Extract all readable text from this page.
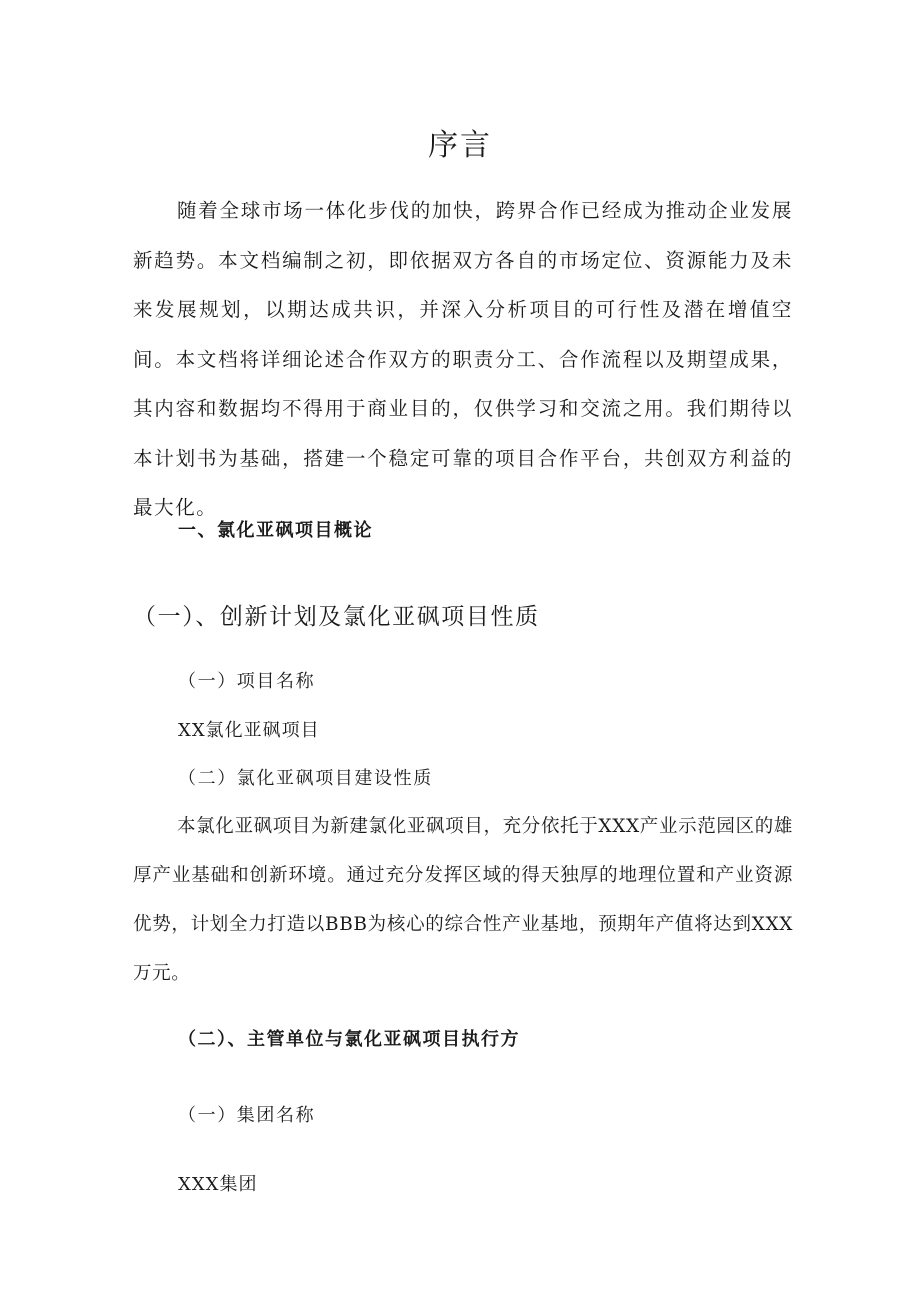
序言

随着全球市场一体化步伐的加快，跨界合作已经成为推动企业发展新趋势。本文档编制之初，即依据双方各自的市场定位、资源能力及未来发展规划，以期达成共识，并深入分析项目的可行性及潜在增值空间。本文档将详细论述合作双方的职责分工、合作流程以及期望成果，其内容和数据均不得用于商业目的，仅供学习和交流之用。我们期待以本计划书为基础，搭建一个稳定可靠的项目合作平台，共创双方利益的最大化。

一、氯化亚砜项目概论
（一）、创新计划及氯化亚砜项目性质
（一）项目名称
XX氯化亚砜项目
（二）氯化亚砜项目建设性质

本氯化亚砜项目为新建氯化亚砜项目，充分依托于XXX产业示范园区的雄厚产业基础和创新环境。通过充分发挥区域的得天独厚的地理位置和产业资源优势，计划全力打造以BBB为核心的综合性产业基地，预期年产值将达到XXX万元。

（二）、主管单位与氯化亚砜项目执行方
（一）集团名称
XXX集团
